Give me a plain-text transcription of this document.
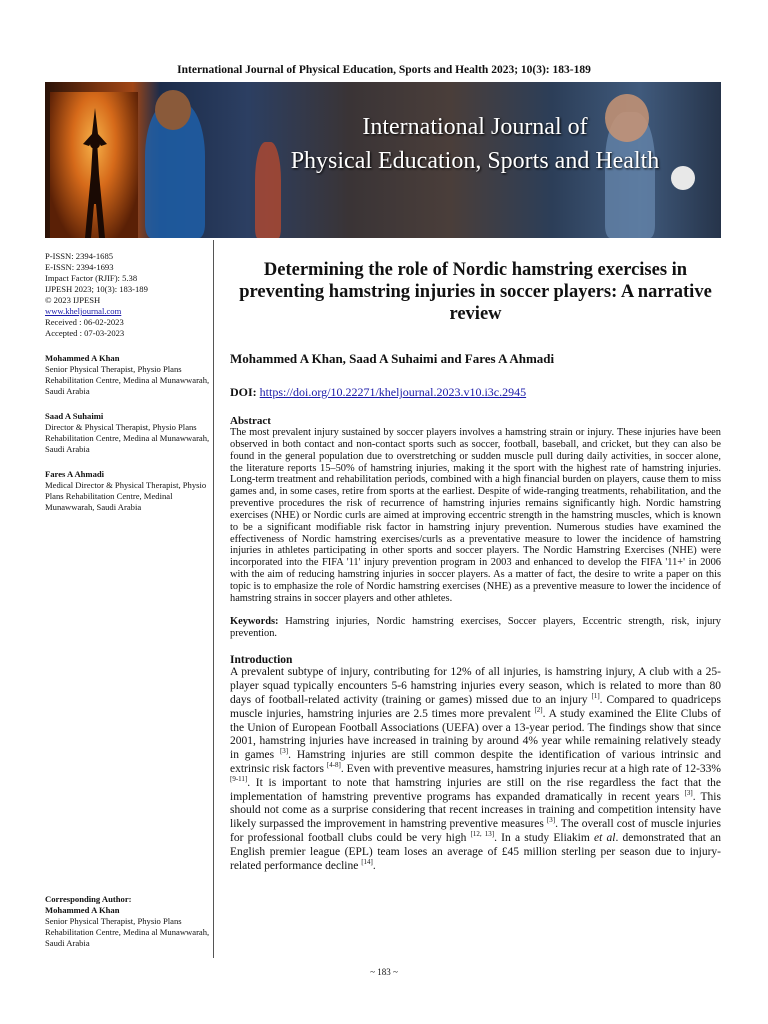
International Journal of Physical Education, Sports and Health 2023; 10(3): 183-189
International Journal of
Physical Education, Sports and Health
P-ISSN: 2394-1685
E-ISSN: 2394-1693
Impact Factor (RJIF): 5.38
IJPESH 2023; 10(3): 183-189
© 2023 IJPESH
www.kheljournal.com
Received : 06-02-2023
Accepted : 07-03-2023
Mohammed A Khan
Senior Physical Therapist, Physio Plans Rehabilitation Centre, Medina al Munawwarah, Saudi Arabia
Saad A Suhaimi
Director & Physical Therapist, Physio Plans Rehabilitation Centre, Medina al Munawwarah, Saudi Arabia
Fares A Ahmadi
Medical Director & Physical Therapist, Physio Plans Rehabilitation Centre, Medinal Munawwarah, Saudi Arabia
Corresponding Author:
Mohammed A Khan
Senior Physical Therapist, Physio Plans Rehabilitation Centre, Medina al Munawwarah, Saudi Arabia
Determining the role of Nordic hamstring exercises in preventing hamstring injuries in soccer players: A narrative review
Mohammed A Khan, Saad A Suhaimi and Fares A Ahmadi
DOI: https://doi.org/10.22271/kheljournal.2023.v10.i3c.2945
Abstract

The most prevalent injury sustained by soccer players involves a hamstring strain or injury. These injuries have been observed in both contact and non-contact sports such as soccer, football, baseball, and cricket, but they can also be found in the general population due to overstretching or sudden muscle pull during daily activities, in soccer alone, the literature reports 15–50% of hamstring injuries, making it the sport with the highest rate of hamstring injuries. Long-term treatment and rehabilitation periods, combined with a high financial burden on players, cause them to miss games and, in some cases, retire from sports at the earliest. Despite of wide-ranging treatments, rehabilitation, and the preventive procedures the risk of recurrence of hamstring injuries remains significantly high. Nordic hamstring exercises (NHE) or Nordic curls are aimed at improving eccentric strength in the hamstring muscles, which is known to be a significant modifiable risk factor in hamstring injury prevention. Numerous studies have examined the effectiveness of Nordic hamstring exercises/curls as a preventative measure to lower the incidence of hamstring injuries in athletes participating in other sports and soccer players. The Nordic Hamstring Exercises (NHE) were incorporated into the FIFA '11' injury prevention program in 2003 and enhanced to develop the FIFA '11+' in 2006 with the aim of reducing hamstring injuries in soccer players. As a matter of fact, the desire to write a paper on this topic is to emphasize the role of Nordic hamstring exercises (NHE) as a preventive measure to lower the incidence of hamstring strains in soccer players and other athletes.

Keywords: Hamstring injuries, Nordic hamstring exercises, Soccer players, Eccentric strength, risk, injury prevention.
Introduction

A prevalent subtype of injury, contributing for 12% of all injuries, is hamstring injury, A club with a 25-player squad typically encounters 5-6 hamstring injuries every season, which is related to more than 80 days of football-related activity (training or games) missed due to an injury [1]. Compared to quadriceps muscle injuries, hamstring injuries are 2.5 times more prevalent [2]. A study examined the Elite Clubs of the Union of European Football Associations (UEFA) over a 13-year period. The findings show that since 2001, hamstring injuries have increased in training by around 4% year while remaining relatively steady in games [3]. Hamstring injuries are still common despite the identification of various intrinsic and extrinsic risk factors [4-8]. Even with preventive measures, hamstring injuries recur at a high rate of 12-33% [9-11]. It is important to note that hamstring injuries are still on the rise regardless the fact that the implementation of hamstring preventive programs has expanded dramatically in recent years [3]. This should not come as a surprise considering that recent increases in training and competition intensity have likely surpassed the improvement in hamstring preventive measures [3]. The overall cost of muscle injuries for professional football clubs could be very high [12, 13]. In a study Eliakim et al. demonstrated that an English premier league (EPL) team loses an average of £45 million sterling per season due to injury-related performance decline [14].

~ 183 ~
